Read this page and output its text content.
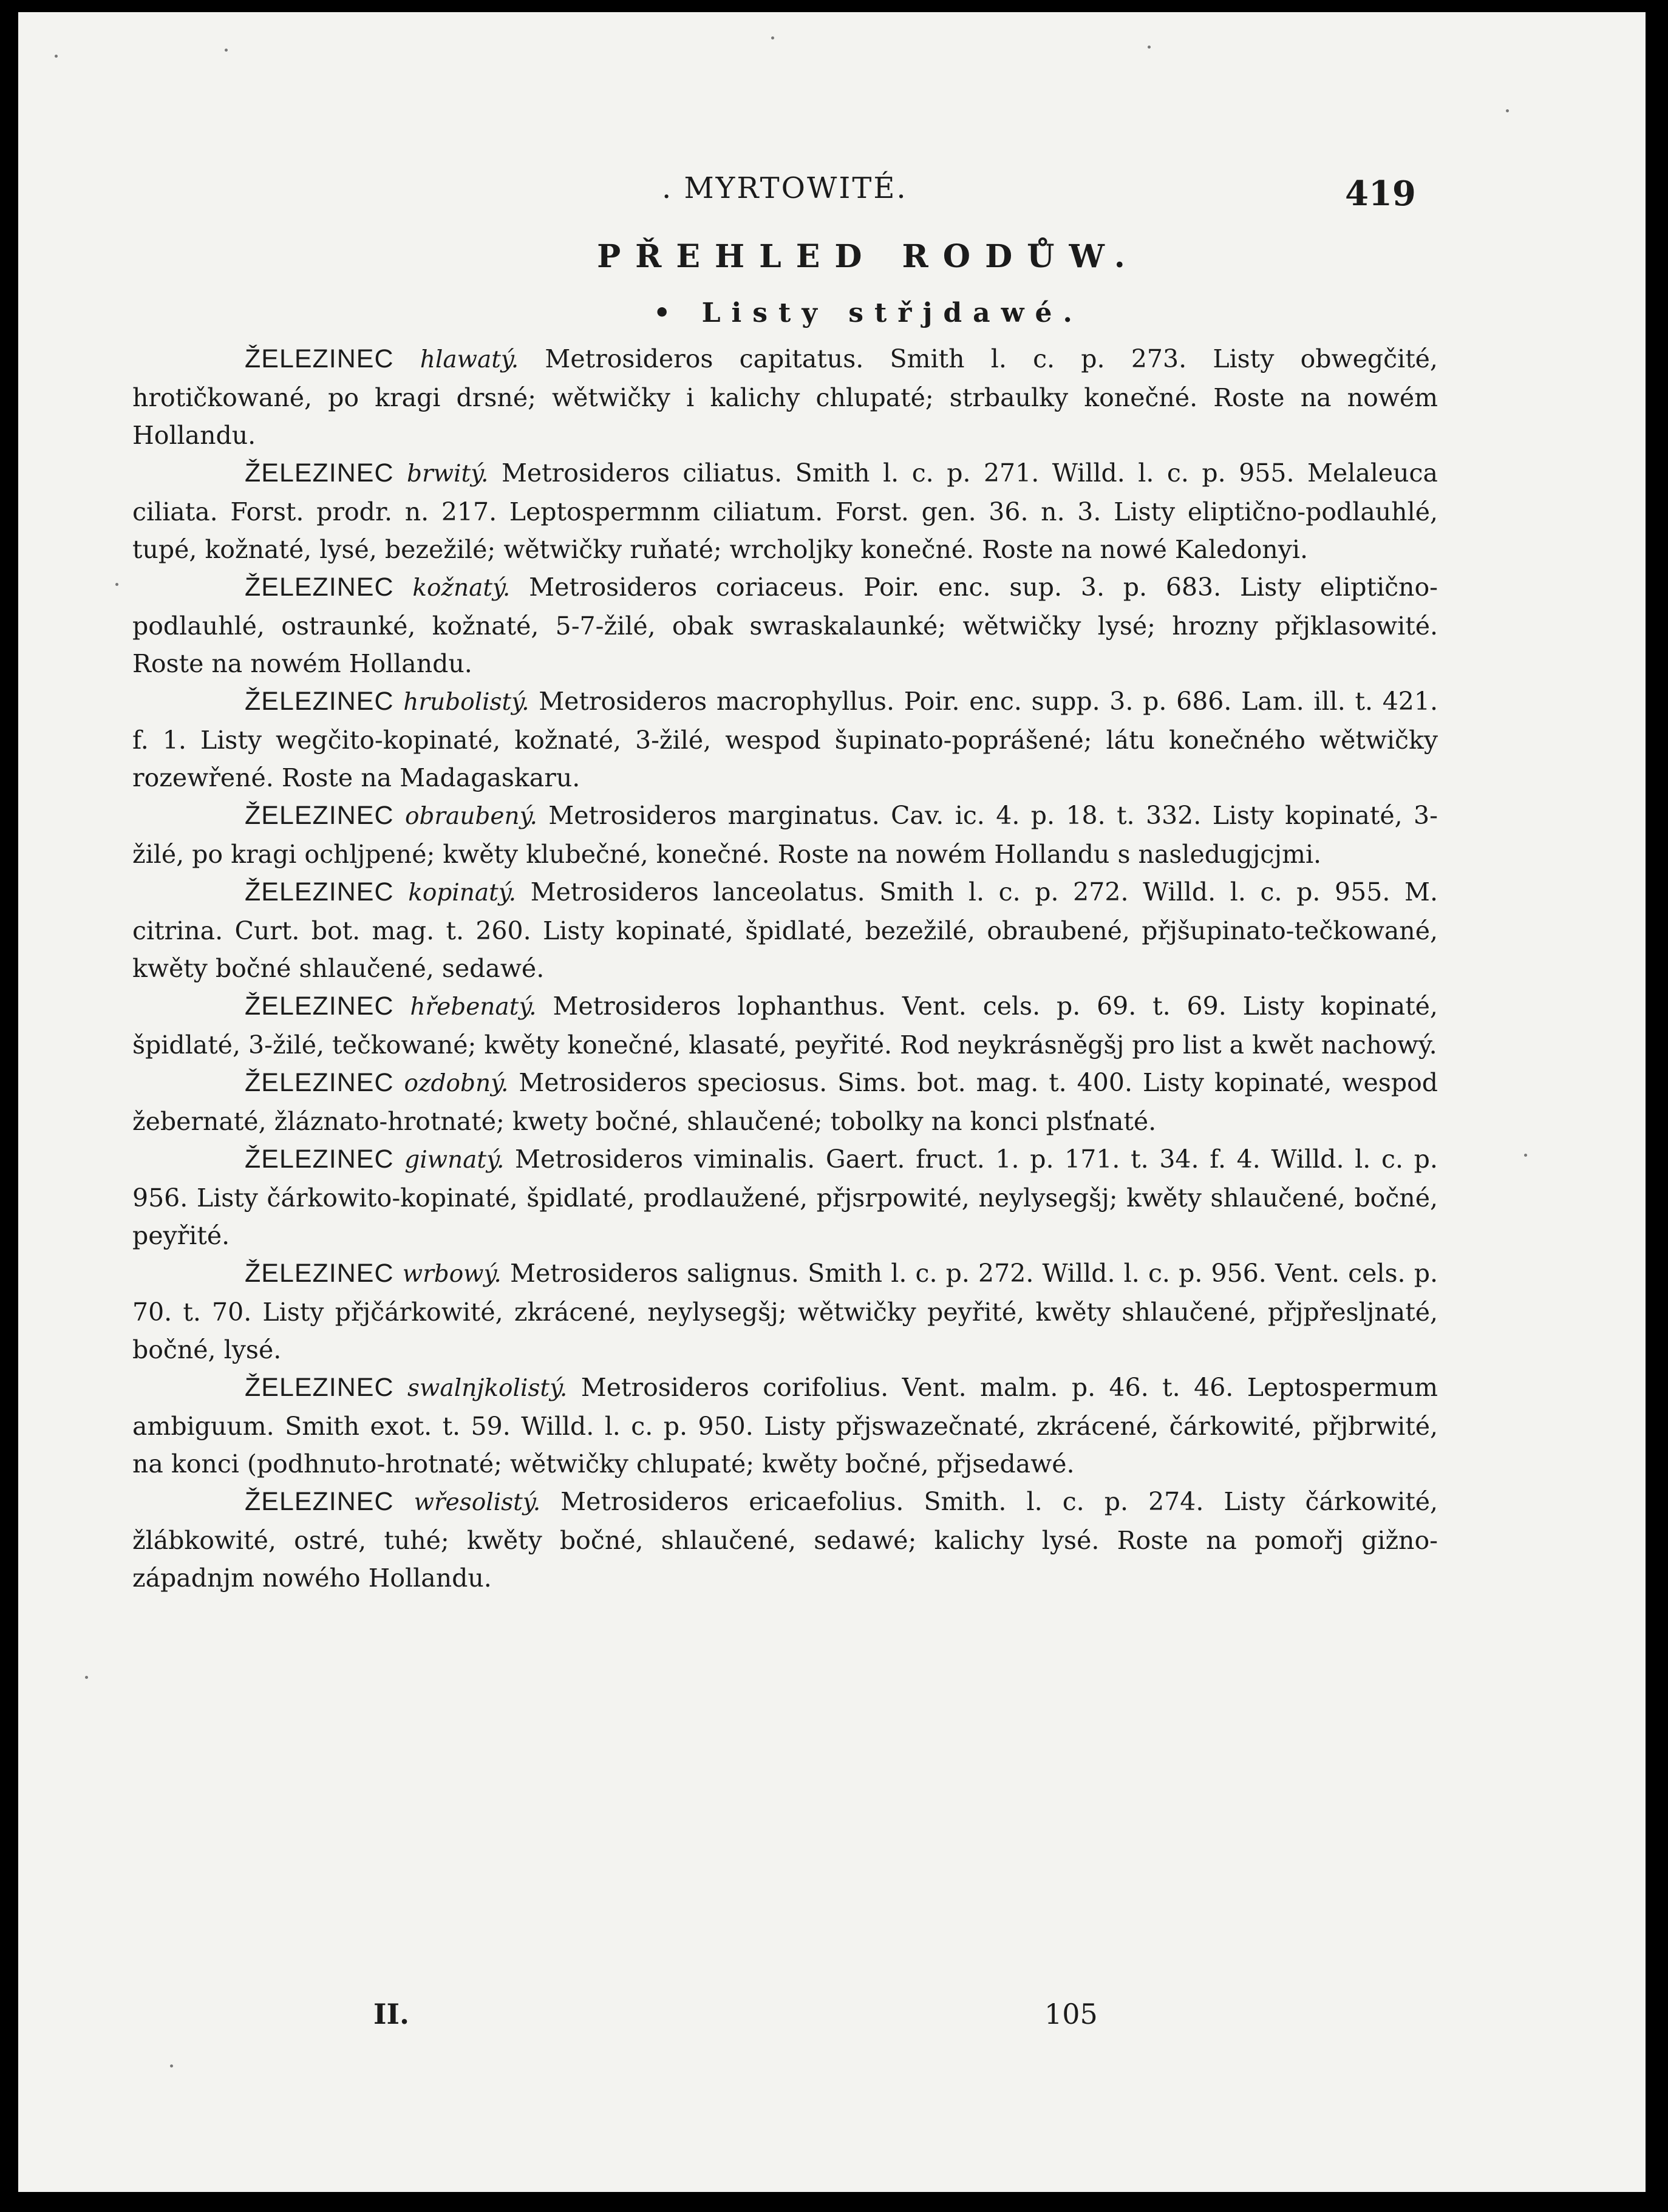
. MYRTOWITÉ.	419
PŘEHLED RODŮW.
• Listy střjdawé.

ŽELEZINEC hlawatý. Metrosideros capitatus. Smith l. c. p. 273. Listy obwegčité, hrotičkowané, po kragi drsné; wětwičky i kalichy chlupaté; strbaulky konečné. Roste na nowém Hollandu.

ŽELEZINEC brwitý. Metrosideros ciliatus. Smith l. c. p. 271. Willd. l. c. p. 955. Melaleuca ciliata. Forst. prodr. n. 217. Leptospermnm ciliatum. Forst. gen. 36. n. 3. Listy eliptično-podlauhlé, tupé, kožnaté, lysé, bezežilé; wětwičky ruňaté; wrcholjky konečné. Roste na nowé Kaledonyi.

ŽELEZINEC kožnatý. Metrosideros coriaceus. Poir. enc. sup. 3. p. 683. Listy eliptično-podlauhlé, ostraunké, kožnaté, 5-7-žilé, obak swraskalaunké; wětwičky lysé; hrozny přjklasowité. Roste na nowém Hollandu.

ŽELEZINEC hrubolistý. Metrosideros macrophyllus. Poir. enc. supp. 3. p. 686. Lam. ill. t. 421. f. 1. Listy wegčito-kopinaté, kožnaté, 3-žilé, wespod šupinato-poprášené; látu konečného wětwičky rozewřené. Roste na Madagaskaru.

ŽELEZINEC obraubený. Metrosideros marginatus. Cav. ic. 4. p. 18. t. 332. Listy kopinaté, 3-žilé, po kragi ochljpené; kwěty klubečné, konečné. Roste na nowém Hollandu s nasledugjcjmi.

ŽELEZINEC kopinatý. Metrosideros lanceolatus. Smith l. c. p. 272. Willd. l. c. p. 955. M. citrina. Curt. bot. mag. t. 260. Listy kopinaté, špidlaté, bezežilé, obraubené, přjšupinato-tečkowané, kwěty bočné shlaučené, sedawé.

ŽELEZINEC hřebenatý. Metrosideros lophanthus. Vent. cels. p. 69. t. 69. Listy kopinaté, špidlaté, 3-žilé, tečkowané; kwěty konečné, klasaté, peyřité. Rod neykrásněgšj pro list a kwět nachowý.

ŽELEZINEC ozdobný. Metrosideros speciosus. Sims. bot. mag. t. 400. Listy kopinaté, wespod žebernaté, žláznato-hrotnaté; kwety bočné, shlaučené; tobolky na konci plsťnaté.

ŽELEZINEC giwnatý. Metrosideros viminalis. Gaert. fruct. 1. p. 171. t. 34. f. 4. Willd. l. c. p. 956. Listy čárkowito-kopinaté, špidlaté, prodlaužené, přjsrpowité, neylysegšj; kwěty shlaučené, bočné, peyřité.

ŽELEZINEC wrbowý. Metrosideros salignus. Smith l. c. p. 272. Willd. l. c. p. 956. Vent. cels. p. 70. t. 70. Listy přjčárkowité, zkrácené, neylysegšj; wětwičky peyřité, kwěty shlaučené, přjpřesljnaté, bočné, lysé.

ŽELEZINEC swalnjkolistý. Metrosideros corifolius. Vent. malm. p. 46. t. 46. Leptospermum ambiguum. Smith exot. t. 59. Willd. l. c. p. 950. Listy přjswazečnaté, zkrácené, čárkowité, přjbrwité, na konci (podhnuto-hrotnaté; wětwičky chlupaté; kwěty bočné, přjsedawé.

ŽELEZINEC wřesolistý. Metrosideros ericaefolius. Smith. l. c. p. 274. Listy čárkowité, žlábkowité, ostré, tuhé; kwěty bočné, shlaučené, sedawé; kalichy lysé. Roste na pomořj gižno-západnjm nowého Hollandu.

II.	105
